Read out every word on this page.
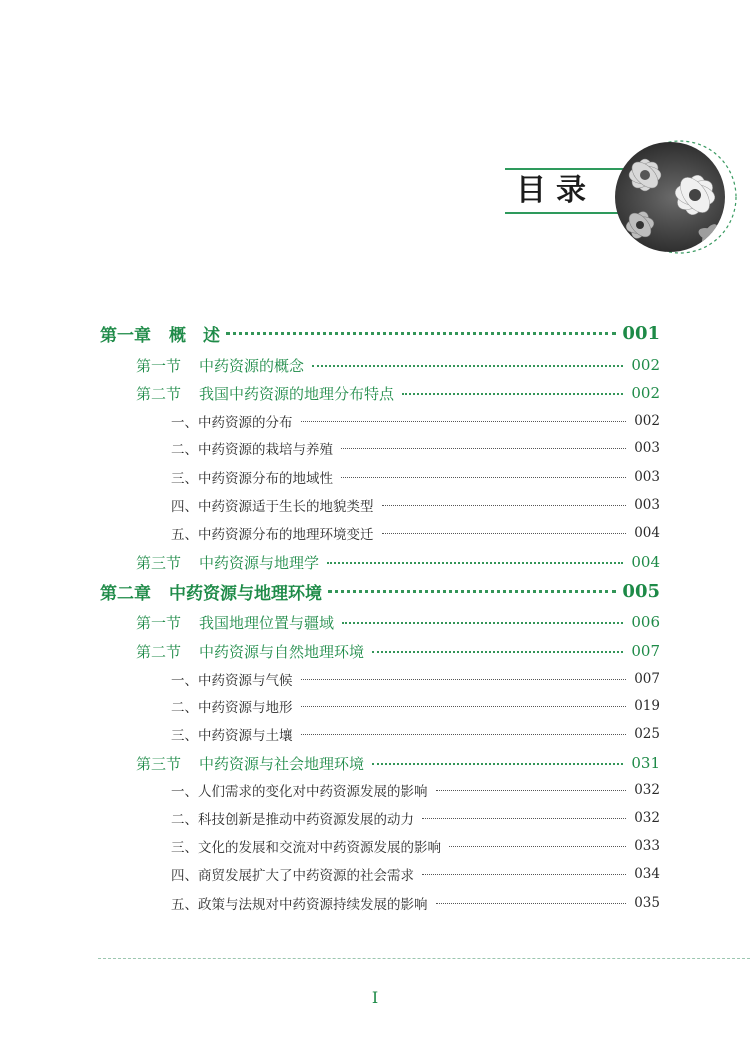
目录
第一章 概　述	001
第一节 中药资源的概念	002
第二节 我国中药资源的地理分布特点	002
一、中药资源的分布	002
二、中药资源的栽培与养殖	003
三、中药资源分布的地域性	003
四、中药资源适于生长的地貌类型	003
五、中药资源分布的地理环境变迁	004
第三节 中药资源与地理学	004
第二章 中药资源与地理环境	005
第一节 我国地理位置与疆域	006
第二节 中药资源与自然地理环境	007
一、中药资源与气候	007
二、中药资源与地形	019
三、中药资源与土壤	025
第三节 中药资源与社会地理环境	031
一、人们需求的变化对中药资源发展的影响	032
二、科技创新是推动中药资源发展的动力	032
三、文化的发展和交流对中药资源发展的影响	033
四、商贸发展扩大了中药资源的社会需求	034
五、政策与法规对中药资源持续发展的影响	035
I
